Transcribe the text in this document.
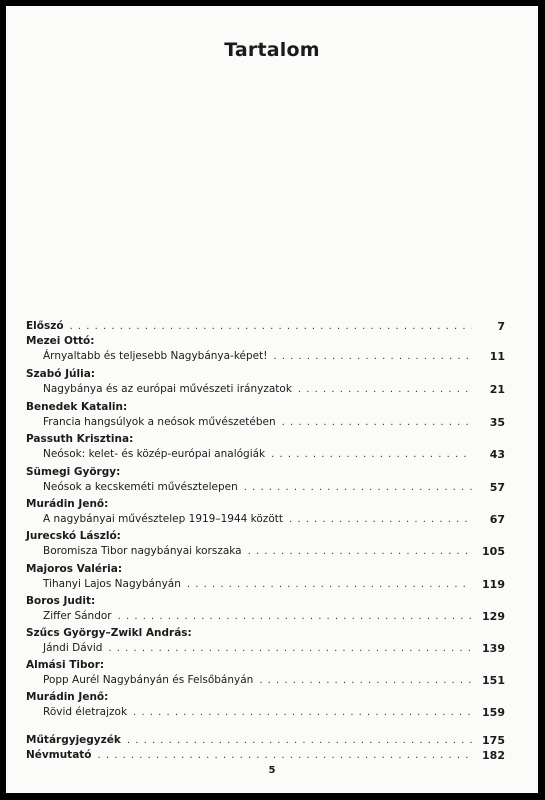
Tartalom
Előszó . . .	7
Mezei Ottó:
Árnyaltabb és teljesebb Nagybánya-képet! . . .	11
Szabó Júlia:
Nagybánya és az európai művészeti irányzatok . . .	21
Benedek Katalin:
Francia hangsúlyok a neósok művészetében . . .	35
Passuth Krisztina:
Neósok: kelet- és közép-európai analógiák . . .	43
Sümegi György:
Neósok a kecskeméti művésztelepen . . .	57
Murádin Jenő:
A nagybányai művésztelep 1919–1944 között . . .	67
Jurecskó László:
Boromisza Tibor nagybányai korszaka . . .	105
Majoros Valéria:
Tihanyi Lajos Nagybányán . . .	119
Boros Judit:
Ziffer Sándor . . .	129
Szűcs György–Zwikl András:
Jándi Dávid . . .	139
Almási Tibor:
Popp Aurél Nagybányán és Felsőbányán . . .	151
Murádin Jenő:
Rövid életrajzok . . .	159
Műtárgyjegyzék . . .	175
Névmutató . . .	182
5
